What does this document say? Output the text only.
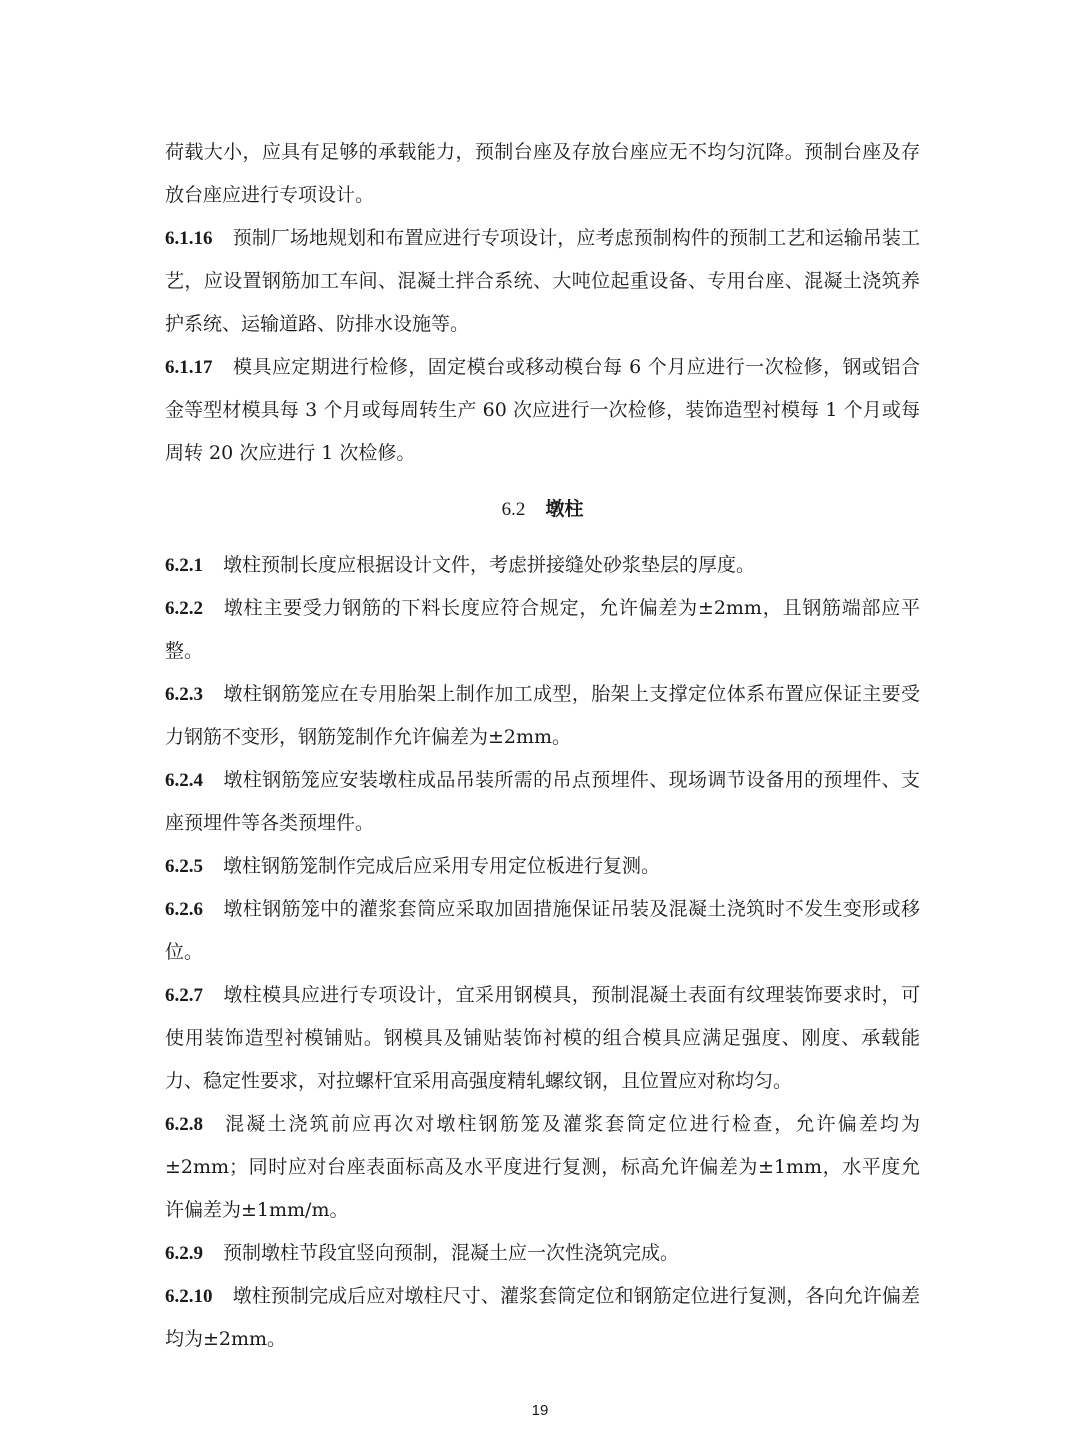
荷载大小，应具有足够的承载能力，预制台座及存放台座应无不均匀沉降。预制台座及存放台座应进行专项设计。

6.1.16 预制厂场地规划和布置应进行专项设计，应考虑预制构件的预制工艺和运输吊装工艺，应设置钢筋加工车间、混凝土拌合系统、大吨位起重设备、专用台座、混凝土浇筑养护系统、运输道路、防排水设施等。

6.1.17 模具应定期进行检修，固定模台或移动模台每 6 个月应进行一次检修，钢或铝合金等型材模具每 3 个月或每周转生产 60 次应进行一次检修，装饰造型衬模每 1 个月或每周转 20 次应进行 1 次检修。

6.2 墩柱

6.2.1 墩柱预制长度应根据设计文件，考虑拼接缝处砂浆垫层的厚度。

6.2.2 墩柱主要受力钢筋的下料长度应符合规定，允许偏差为±2mm，且钢筋端部应平整。

6.2.3 墩柱钢筋笼应在专用胎架上制作加工成型，胎架上支撑定位体系布置应保证主要受力钢筋不变形，钢筋笼制作允许偏差为±2mm。

6.2.4 墩柱钢筋笼应安装墩柱成品吊装所需的吊点预埋件、现场调节设备用的预埋件、支座预埋件等各类预埋件。

6.2.5 墩柱钢筋笼制作完成后应采用专用定位板进行复测。

6.2.6 墩柱钢筋笼中的灌浆套筒应采取加固措施保证吊装及混凝土浇筑时不发生变形或移位。

6.2.7 墩柱模具应进行专项设计，宜采用钢模具，预制混凝土表面有纹理装饰要求时，可使用装饰造型衬模铺贴。钢模具及铺贴装饰衬模的组合模具应满足强度、刚度、承载能力、稳定性要求，对拉螺杆宜采用高强度精轧螺纹钢，且位置应对称均匀。

6.2.8 混凝土浇筑前应再次对墩柱钢筋笼及灌浆套筒定位进行检查，允许偏差均为±2mm；同时应对台座表面标高及水平度进行复测，标高允许偏差为±1mm，水平度允许偏差为±1mm/m。

6.2.9 预制墩柱节段宜竖向预制，混凝土应一次性浇筑完成。

6.2.10 墩柱预制完成后应对墩柱尺寸、灌浆套筒定位和钢筋定位进行复测，各向允许偏差均为±2mm。

19
